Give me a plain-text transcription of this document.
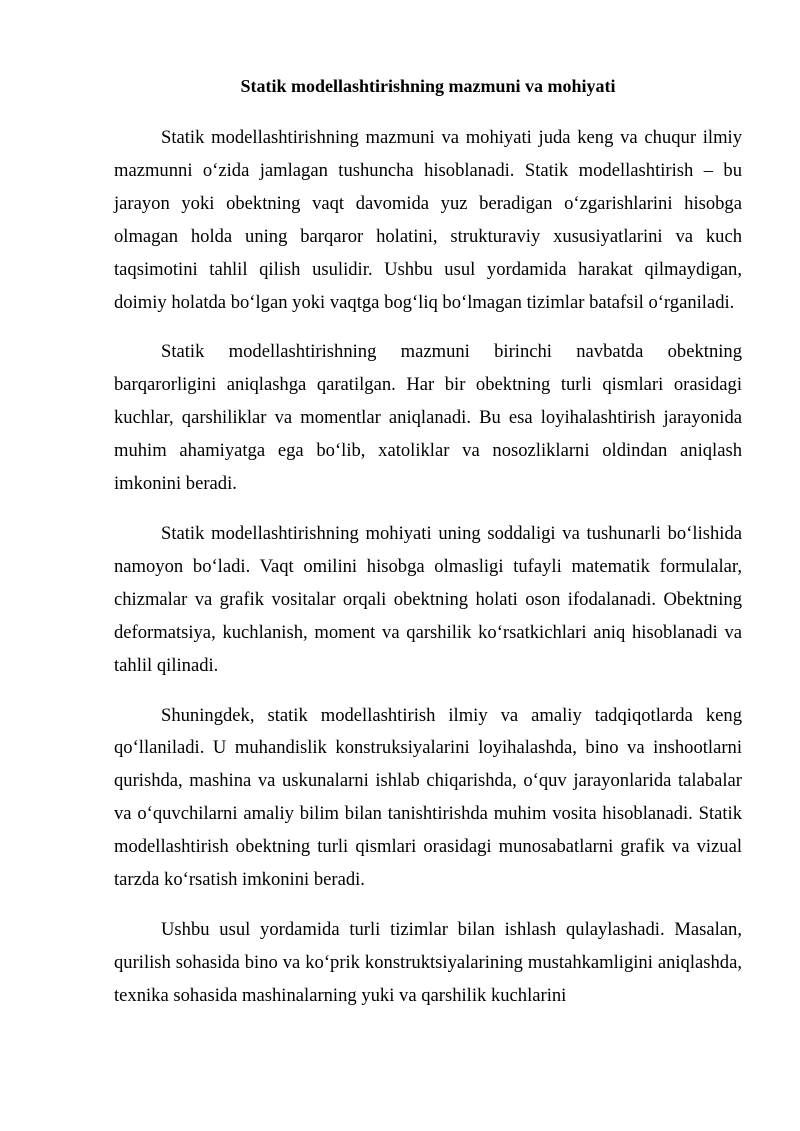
Statik modellashtirishning mazmuni va mohiyati

Statik modellashtirishning mazmuni va mohiyati juda keng va chuqur ilmiy mazmunni o‘zida jamlagan tushuncha hisoblanadi. Statik modellashtirish – bu jarayon yoki obektning vaqt davomida yuz beradigan o‘zgarishlarini hisobga olmagan holda uning barqaror holatini, strukturaviy xususiyatlarini va kuch taqsimotini tahlil qilish usulidir. Ushbu usul yordamida harakat qilmaydigan, doimiy holatda bo‘lgan yoki vaqtga bog‘liq bo‘lmagan tizimlar batafsil o‘rganiladi.

Statik modellashtirishning mazmuni birinchi navbatda obektning barqarorligini aniqlashga qaratilgan. Har bir obektning turli qismlari orasidagi kuchlar, qarshiliklar va momentlar aniqlanadi. Bu esa loyihalashtirish jarayonida muhim ahamiyatga ega bo‘lib, xatoliklar va nosozliklarni oldindan aniqlash imkonini beradi.

Statik modellashtirishning mohiyati uning soddaligi va tushunarli bo‘lishida namoyon bo‘ladi. Vaqt omilini hisobga olmasligi tufayli matematik formulalar, chizmalar va grafik vositalar orqali obektning holati oson ifodalanadi. Obektning deformatsiya, kuchlanish, moment va qarshilik ko‘rsatkichlari aniq hisoblanadi va tahlil qilinadi.

Shuningdek, statik modellashtirish ilmiy va amaliy tadqiqotlarda keng qo‘llaniladi. U muhandislik konstruksiyalarini loyihalashda, bino va inshootlarni qurishda, mashina va uskunalarni ishlab chiqarishda, o‘quv jarayonlarida talabalar va o‘quvchilarni amaliy bilim bilan tanishtirishda muhim vosita hisoblanadi. Statik modellashtirish obektning turli qismlari orasidagi munosabatlarni grafik va vizual tarzda ko‘rsatish imkonini beradi.

Ushbu usul yordamida turli tizimlar bilan ishlash qulaylashadi. Masalan, qurilish sohasida bino va ko‘prik konstruktsiyalarining mustahkamligini aniqlashda, texnika sohasida mashinalarning yuki va qarshilik kuchlarini
